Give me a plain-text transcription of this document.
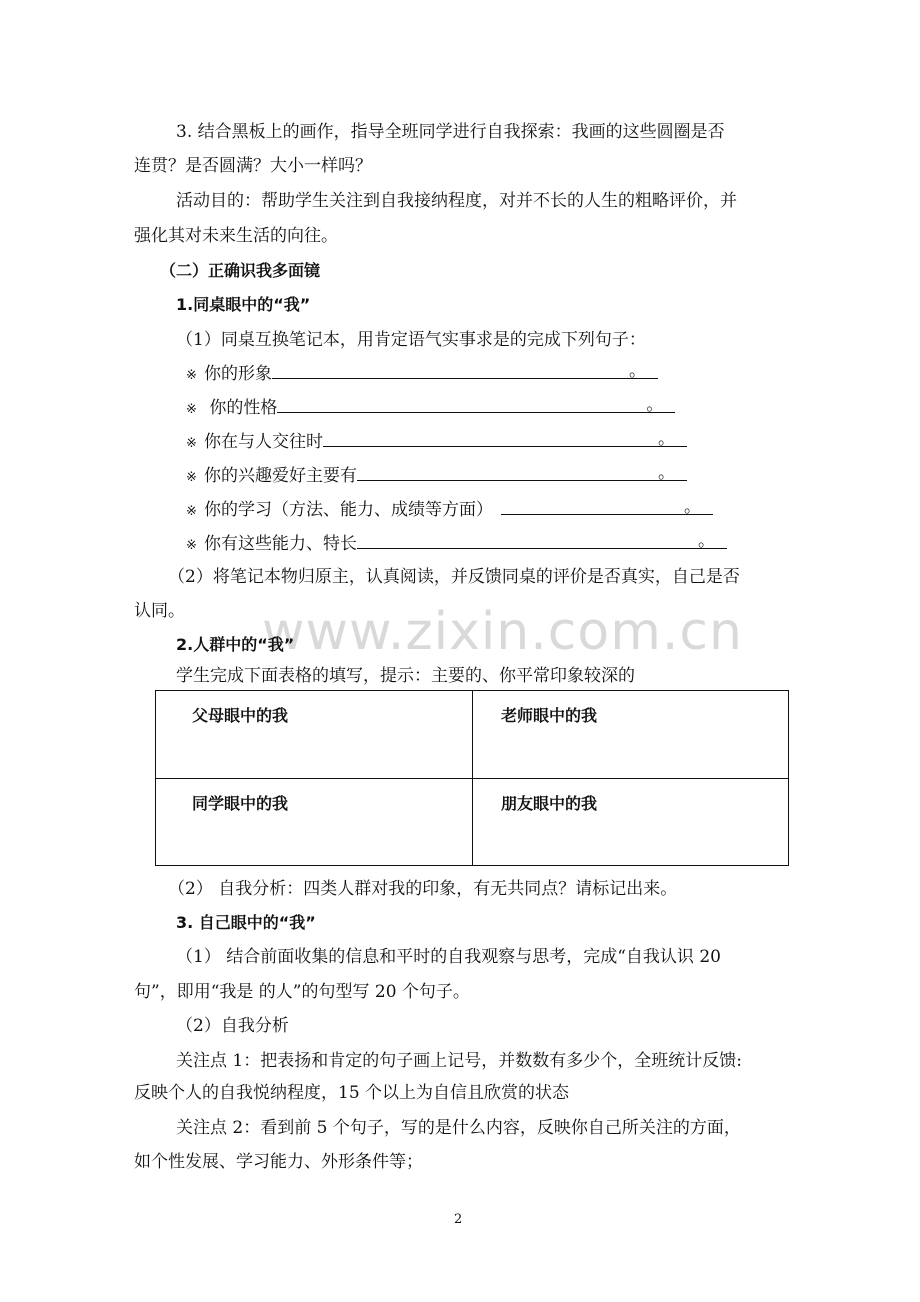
www.zixin.com.cn
3. 结合黑板上的画作，指导全班同学进行自我探索：我画的这些圆圈是否
连贯？是否圆满？大小一样吗？
活动目的：帮助学生关注到自我接纳程度，对并不长的人生的粗略评价，并
强化其对未来生活的向往。
（二）正确识我多面镜
1.同桌眼中的“我”
（1）同桌互换笔记本，用肯定语气实事求是的完成下列句子：
※ 你的形象	。
※ 你的性格	。
※ 你在与人交往时	。
※ 你的兴趣爱好主要有	。
※ 你的学习（方法、能力、成绩等方面）	。
※ 你有这些能力、特长	。
（2）将笔记本物归原主，认真阅读，并反馈同桌的评价是否真实，自己是否
认同。
2.人群中的“我”
学生完成下面表格的填写，提示：主要的、你平常印象较深的
父母眼中的我	老师眼中的我
同学眼中的我	朋友眼中的我
（2） 自我分析：四类人群对我的印象，有无共同点？请标记出来。
3. 自己眼中的“我”
（1） 结合前面收集的信息和平时的自我观察与思考，完成“自我认识 20
句”，即用“我是 的人”的句型写 20 个句子。
（2）自我分析
关注点 1：把表扬和肯定的句子画上记号，并数数有多少个，全班统计反馈:
反映个人的自我悦纳程度，15 个以上为自信且欣赏的状态
关注点 2：看到前 5 个句子，写的是什么内容，反映你自己所关注的方面，
如个性发展、学习能力、外形条件等；
2
